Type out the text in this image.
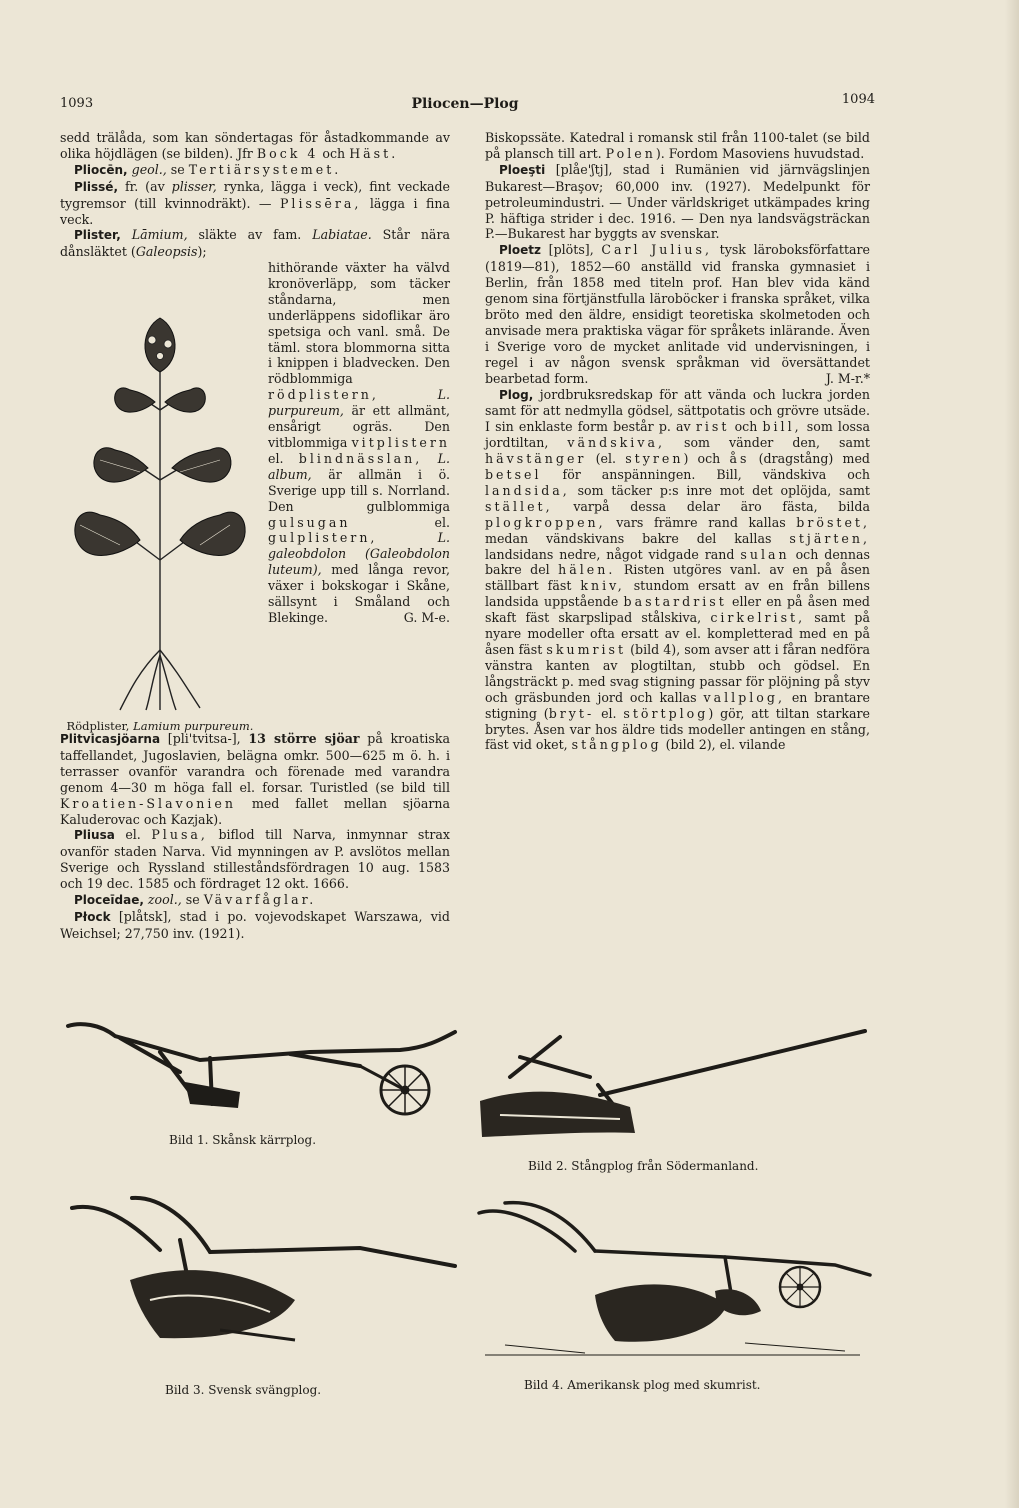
1093	Pliocen—Plog	1094

sedd trälåda, som kan söndertagas för åstadkommande av olika höjdlägen (se bilden). Jfr Bock 4 och Häst.

Pliocēn, geol., se Tertiärsystemet.

Plissé, fr. (av plisser, rynka, lägga i veck), fint veckade tygremsor (till kvinnodräkt). — Plissēra, lägga i fina veck.

Plister, Lāmium, släkte av fam. Labiatae. Står nära dånsläktet (Galeopsis);

Rödplister, Lamium purpureum.

hithörande växter ha välvd kronöverläpp, som täcker ståndarna, men underläppens sidoflikar äro spetsiga och vanl. små. De täml. stora blommorna sitta i knippen i bladvecken. Den rödblommiga rödplistern,	L. purpureum, är ett allmänt, ensårigt ogräs. Den vitblommiga vitplistern el. blindnässlan, L. album, är allmän i ö. Sverige upp till s. Norrland. Den gulblommiga gulsugan	el. gulplistern,	L. galeobdolon (Galeobdolon luteum), med långa revor, växer i bokskogar i Skåne, sällsynt i Småland och Blekinge.	G. M-e.

Plitvicasjöarna [pli'tvitsa-], 13 större sjöar på kroatiska taffellandet, Jugoslavien, belägna omkr. 500—625 m ö. h. i terrasser ovanför varandra och förenade med varandra genom 4—30 m höga fall el. forsar. Turistled (se bild till Kroatien-Slavonien med fallet mellan sjöarna Kaluderovac och Kazjak).

Pliusa el. Plusa, biflod till Narva, inmynnar strax ovanför staden Narva. Vid mynningen av P. avslötos mellan Sverige och Ryssland stilleståndsfördragen 10 aug. 1583 och 19 dec. 1585 och fördraget 12 okt. 1666.

Ploceīdae, zool., se Vävarfåglar.

Płock [plåtsk], stad i po. vojevodskapet Warszawa, vid Weichsel; 27,750 inv. (1921).

Biskopssäte. Katedral i romansk stil från 1100-talet (se bild på plansch till art. Polen). Fordom Masoviens huvudstad.

Ploeşti [plåe'ʃtj], stad i Rumänien vid järnvägslinjen Bukarest—Braşov; 60,000 inv. (1927). Medelpunkt för petroleumindustri. — Under världskriget utkämpades kring P. häftiga strider i dec. 1916. — Den nya landsvägsträckan P.—Bukarest har byggts av svenskar.

Ploetz [plöts], Carl Julius, tysk läroboksförfattare (1819—81), 1852—60 anställd vid franska gymnasiet i Berlin, från 1858 med titeln prof. Han blev vida känd genom sina förtjänstfulla läroböcker i franska språket, vilka bröto med den äldre, ensidigt teoretiska skolmetoden och anvisade mera praktiska vägar för språkets inlärande. Även i Sverige voro de mycket anlitade vid undervisningen, i regel i av någon svensk språkman vid översättandet bearbetad form.	J. M-r.*

Plog, jordbruksredskap för att vända och luckra jorden samt för att nedmylla gödsel, sättpotatis och grövre utsäde. I sin enklaste form består p. av rist och bill, som lossa jordtiltan, vändskiva, som vänder den, samt hävstänger (el. styren) och ås (dragstång) med betsel för anspänningen. Bill, vändskiva och landsida, som täcker p:s inre mot det oplöjda, samt stället, varpå dessa delar äro fästa, bilda plogkroppen, vars främre rand kallas bröstet, medan vändskivans bakre del kallas stjärten, landsidans nedre, något vidgade rand sulan och dennas bakre del hälen. Risten utgöres vanl. av en på åsen ställbart fäst kniv, stundom ersatt av en från billens landsida uppstående bastardrist eller en på åsen med skaft fäst skarpslipad stålskiva, cirkelrist, samt på nyare modeller ofta ersatt av el. kompletterad med en på åsen fäst skumrist (bild 4), som avser att i fåran nedföra vänstra kanten av plogtiltan, stubb och gödsel. En långsträckt p. med svag stigning passar för plöjning på styv och gräsbunden jord och kallas vallplog, en brantare stigning (bryt- el. störtplog) gör, att tiltan starkare brytes. Åsen var hos äldre tids modeller antingen en stång, fäst vid oket, stångplog (bild 2), el. vilande

Bild 1. Skånsk kärrplog.
Bild 2. Stångplog från Södermanland.
Bild 3. Svensk svängplog.	Bild 4. Amerikansk plog med skumrist.
